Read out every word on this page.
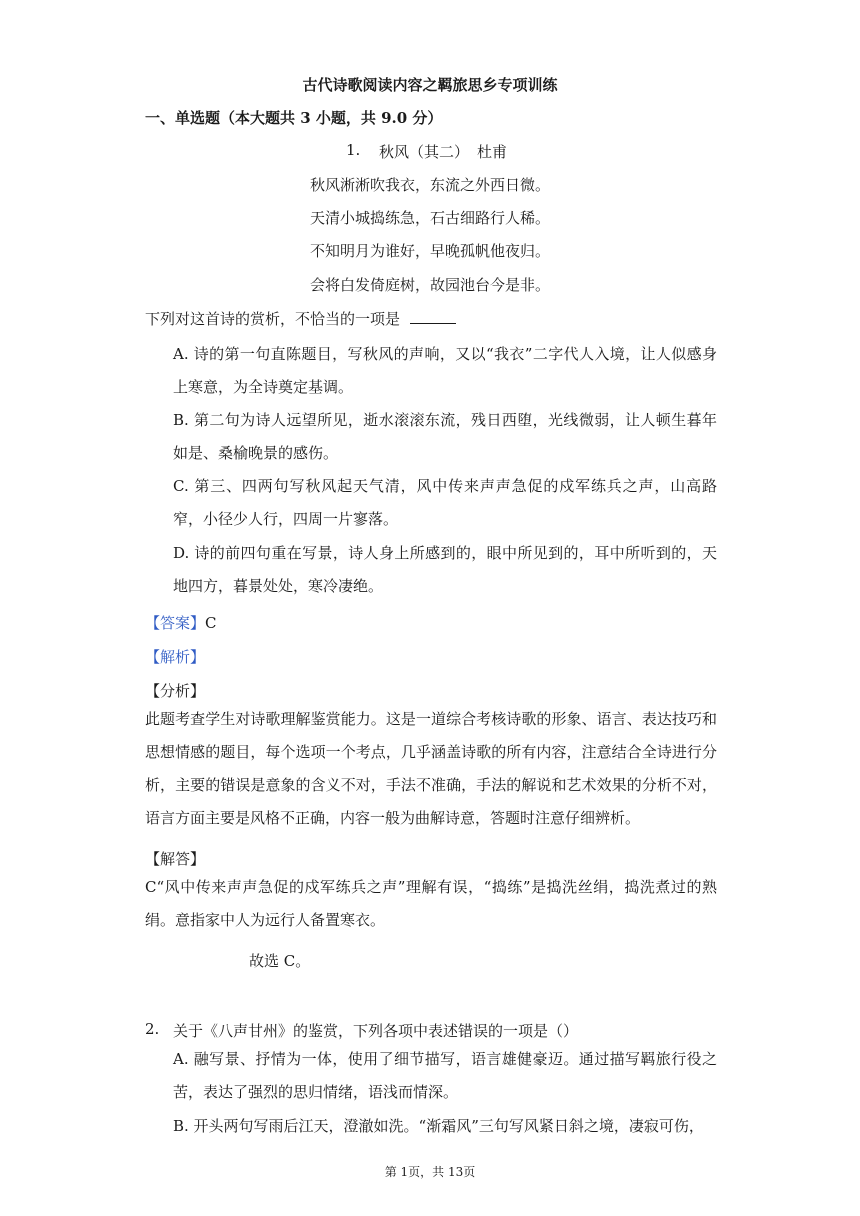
古代诗歌阅读内容之羁旅思乡专项训练
一、单选题（本大题共 3 小题，共 9.0 分）
1. 秋风（其二） 杜甫
秋风淅淅吹我衣，东流之外西日微。
天清小城捣练急，石古细路行人稀。
不知明月为谁好，早晚孤帆他夜归。
会将白发倚庭树，故园池台今是非。
下列对这首诗的赏析，不恰当的一项是
A. 诗的第一句直陈题目，写秋风的声响，又以“我衣”二字代人入境，让人似感身上寒意，为全诗奠定基调。
B. 第二句为诗人远望所见，逝水滚滚东流，残日西堕，光线微弱，让人顿生暮年如是、桑榆晚景的感伤。
C. 第三、四两句写秋风起天气清，风中传来声声急促的戍军练兵之声，山高路窄，小径少人行，四周一片寥落。
D. 诗的前四句重在写景，诗人身上所感到的，眼中所见到的，耳中所听到的，天地四方，暮景处处，寒冷凄绝。
【答案】C
【解析】
【分析】
此题考查学生对诗歌理解鉴赏能力。这是一道综合考核诗歌的形象、语言、表达技巧和思想情感的题目，每个选项一个考点，几乎涵盖诗歌的所有内容，注意结合全诗进行分析，主要的错误是意象的含义不对，手法不准确，手法的解说和艺术效果的分析不对，语言方面主要是风格不正确，内容一般为曲解诗意，答题时注意仔细辨析。
【解答】
C“风中传来声声急促的戍军练兵之声”理解有误，“捣练”是捣洗丝绢，捣洗煮过的熟绢。意指家中人为远行人备置寒衣。
故选 C。
2. 关于《八声甘州》的鉴赏，下列各项中表述错误的一项是（）
A. 融写景、抒情为一体，使用了细节描写，语言雄健豪迈。通过描写羁旅行役之苦，表达了强烈的思归情绪，语浅而情深。
B. 开头两句写雨后江天，澄澈如洗。“渐霜风”三句写风紧日斜之境，凄寂可伤，
第 1页，共 13页
